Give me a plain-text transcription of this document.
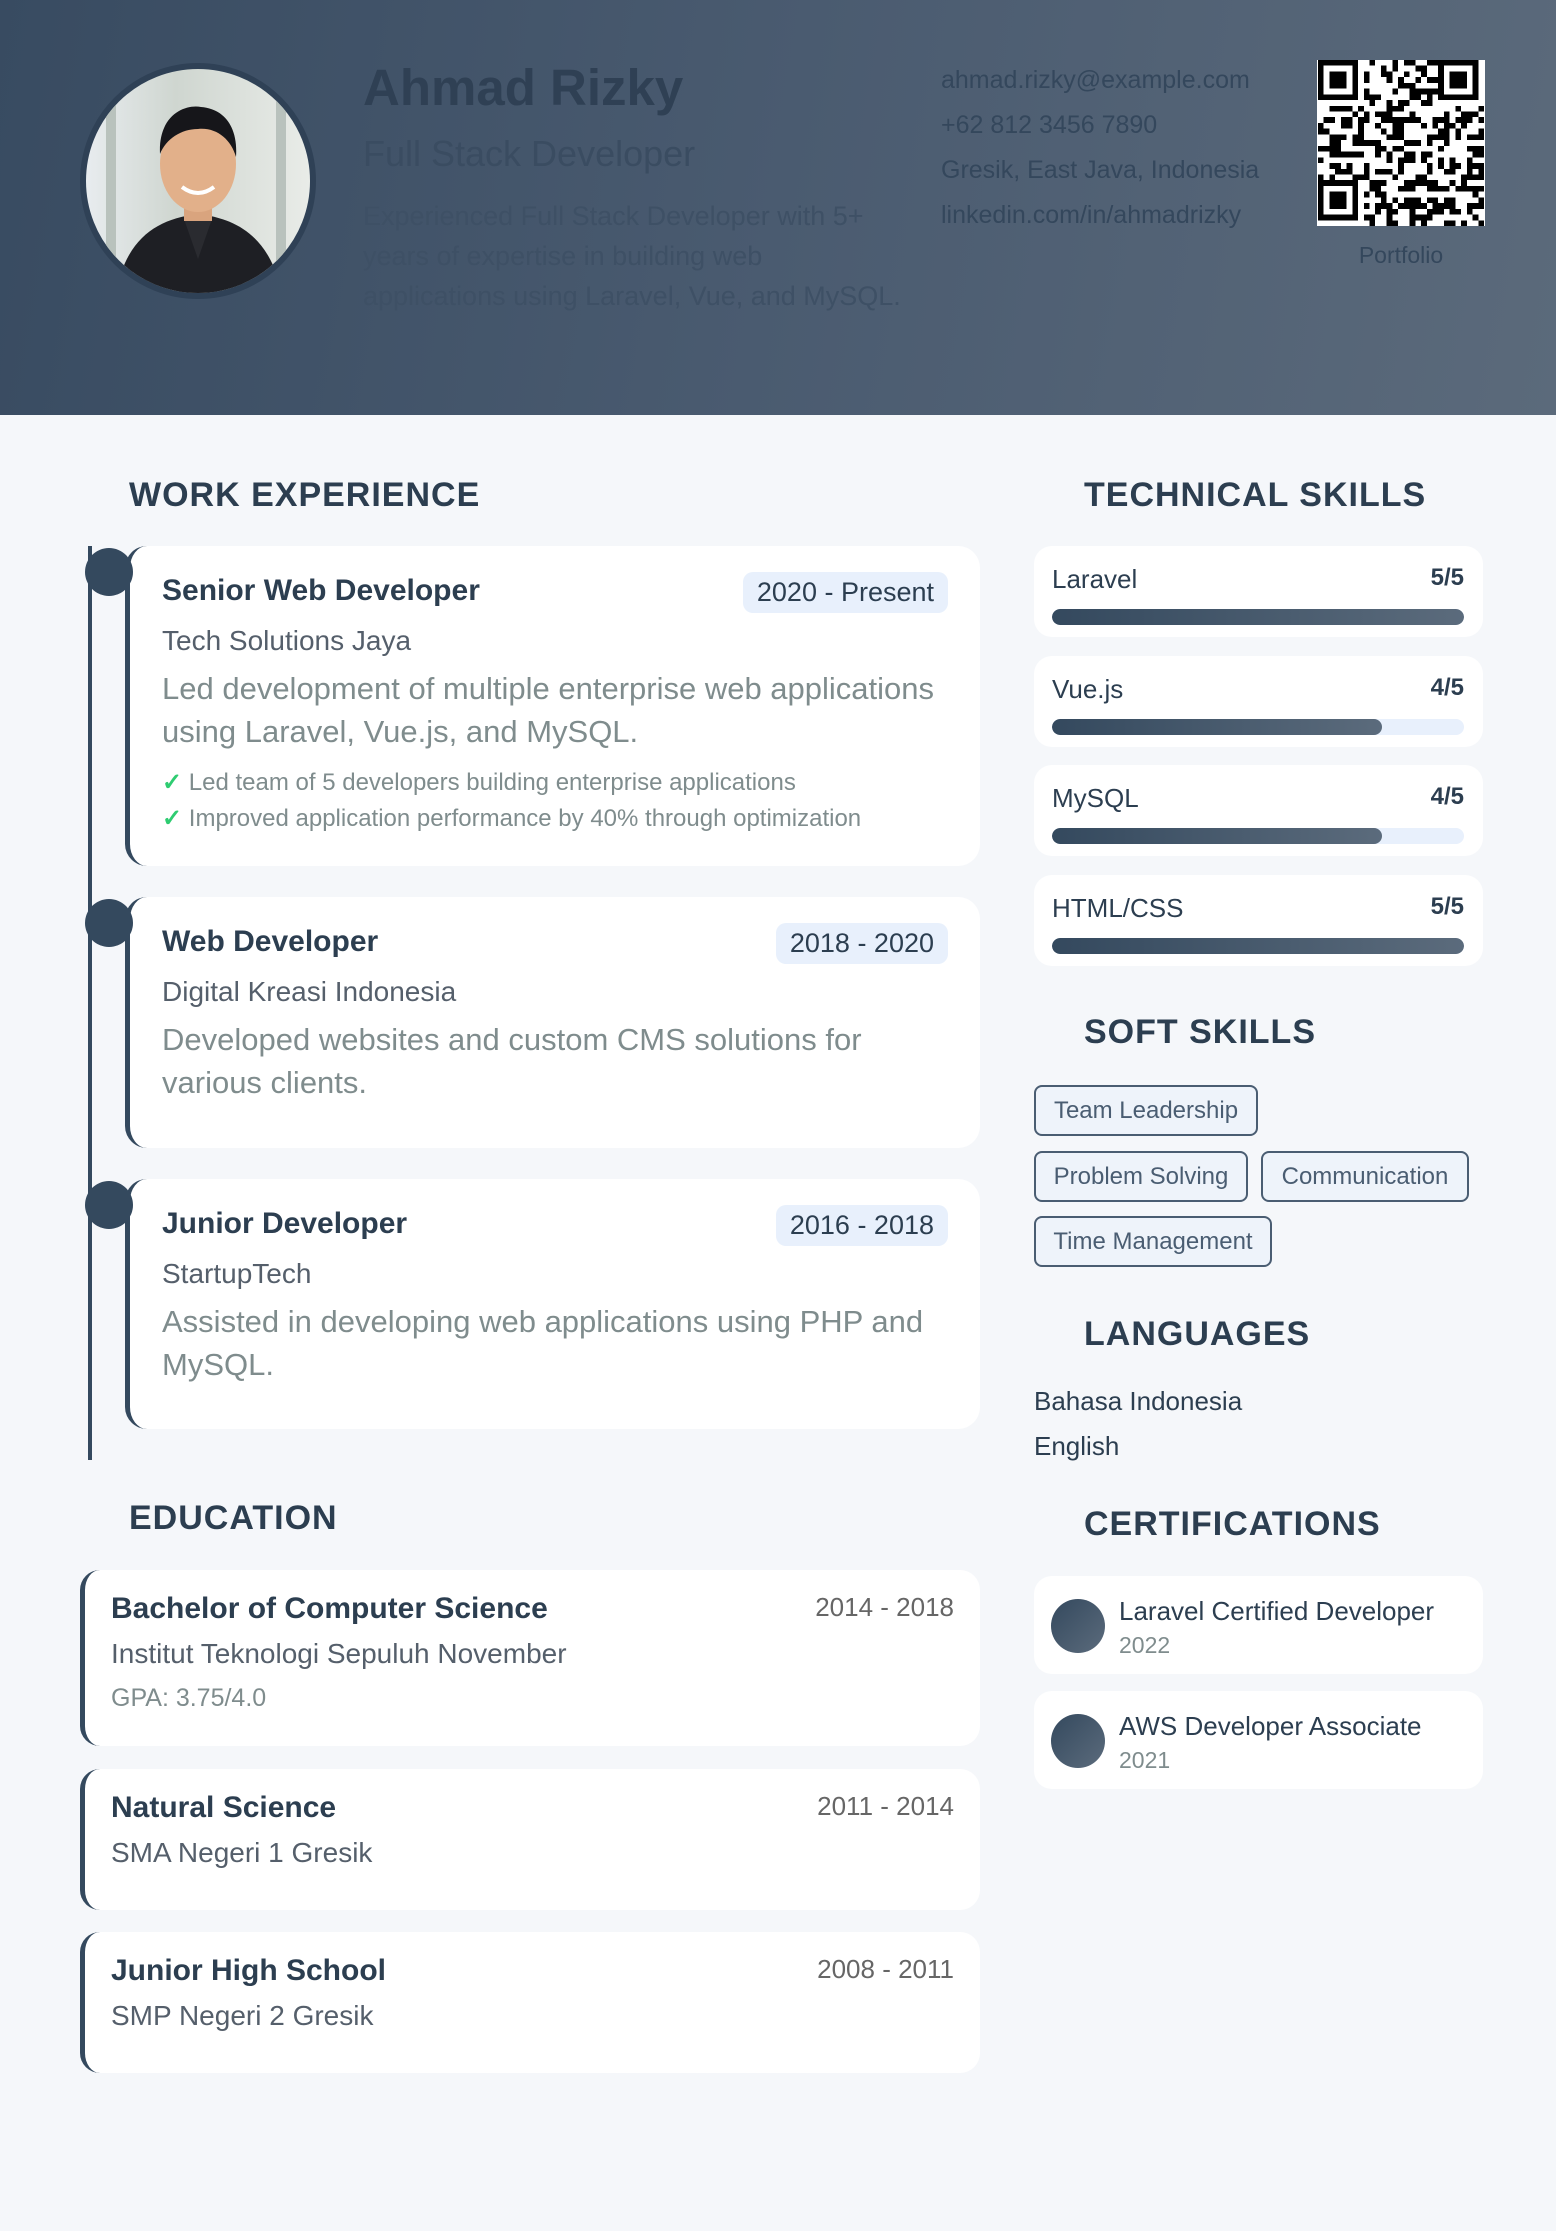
Ahmad Rizky
Full Stack Developer
Experienced Full Stack Developer with 5+ years of expertise in building web applications using Laravel, Vue, and MySQL.
ahmad.rizky@example.com
+62 812 3456 7890
Gresik, East Java, Indonesia
linkedin.com/in/ahmadrizky
Portfolio
WORK EXPERIENCE
Senior Web Developer	2020 - Present
Tech Solutions Jaya
Led development of multiple enterprise web applications using Laravel, Vue.js, and MySQL.
✓ Led team of 5 developers building enterprise applications
✓ Improved application performance by 40% through optimization
Web Developer	2018 - 2020
Digital Kreasi Indonesia
Developed websites and custom CMS solutions for various clients.
Junior Developer	2016 - 2018
StartupTech
Assisted in developing web applications using PHP and MySQL.
EDUCATION
Bachelor of Computer Science	2014 - 2018
Institut Teknologi Sepuluh November
GPA: 3.75/4.0
Natural Science	2011 - 2014
SMA Negeri 1 Gresik
Junior High School	2008 - 2011
SMP Negeri 2 Gresik
TECHNICAL SKILLS
Laravel	5/5
Vue.js	4/5
MySQL	4/5
HTML/CSS	5/5
SOFT SKILLS
Team Leadership
Problem Solving	Communication
Time Management
LANGUAGES
Bahasa Indonesia
English
CERTIFICATIONS
Laravel Certified Developer
2022
AWS Developer Associate
2021
